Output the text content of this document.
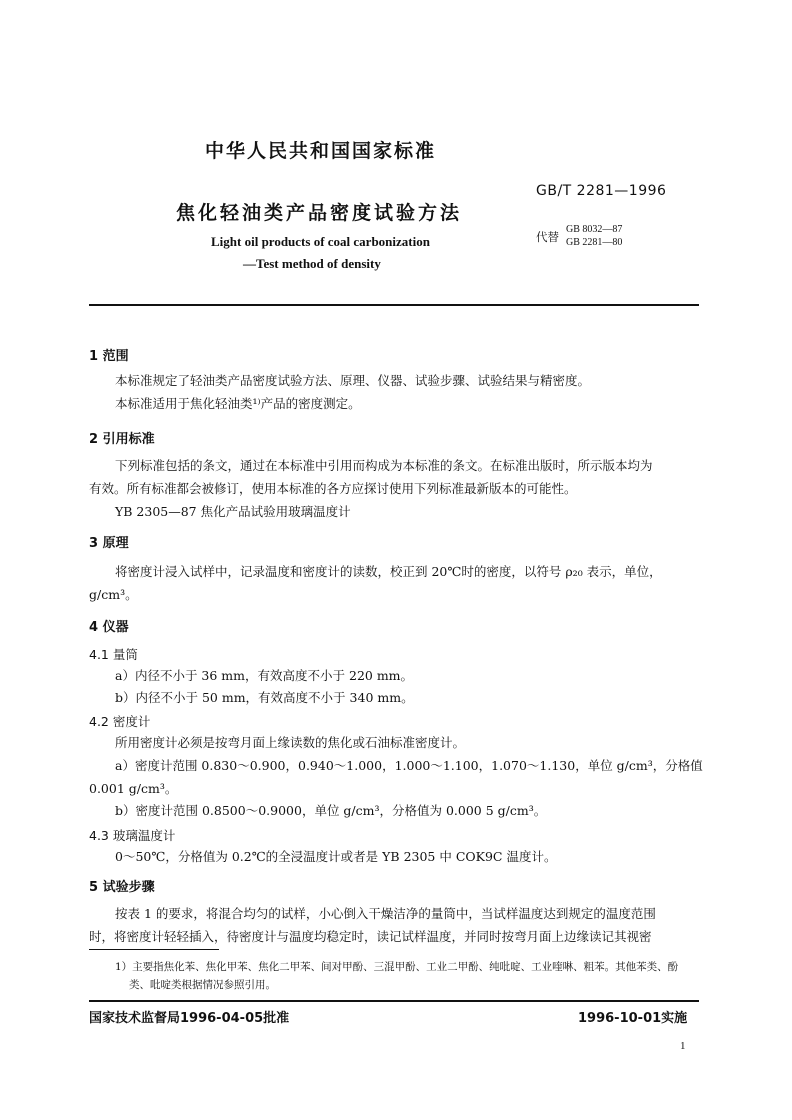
中华人民共和国国家标准
GB/T 2281—1996
焦化轻油类产品密度试验方法
Light oil products of coal carbonization
—Test method of density
代替
GB 8032—87
GB 2281—80
1 范围
本标准规定了轻油类产品密度试验方法、原理、仪器、试验步骤、试验结果与精密度。
本标准适用于焦化轻油类¹⁾产品的密度测定。
2 引用标准
下列标准包括的条文，通过在本标准中引用而构成为本标准的条文。在标准出版时，所示版本均为
有效。所有标准都会被修订，使用本标准的各方应探讨使用下列标准最新版本的可能性。
YB 2305—87 焦化产品试验用玻璃温度计
3 原理
将密度计浸入试样中，记录温度和密度计的读数，校正到 20℃时的密度，以符号 ρ₂₀ 表示，单位，
g/cm³。
4 仪器
4.1 量筒
a）内径不小于 36 mm，有效高度不小于 220 mm。
b）内径不小于 50 mm，有效高度不小于 340 mm。
4.2 密度计
所用密度计必须是按弯月面上缘读数的焦化或石油标准密度计。
a）密度计范围 0.830～0.900，0.940～1.000，1.000～1.100，1.070～1.130，单位 g/cm³，分格值
0.001 g/cm³。
b）密度计范围 0.8500～0.9000，单位 g/cm³，分格值为 0.000 5 g/cm³。
4.3 玻璃温度计
0～50℃，分格值为 0.2℃的全浸温度计或者是 YB 2305 中 COK9C 温度计。
5 试验步骤
按表 1 的要求，将混合均匀的试样，小心倒入干燥洁净的量筒中，当试样温度达到规定的温度范围
时，将密度计轻轻插入，待密度计与温度均稳定时，读记试样温度，并同时按弯月面上边缘读记其视密
1）主要指焦化苯、焦化甲苯、焦化二甲苯、间对甲酚、三混甲酚、工业二甲酚、纯吡啶、工业喹啉、粗苯。其他苯类、酚
类、吡啶类根据情况参照引用。
国家技术监督局1996-04-05批准	1996-10-01实施
1
